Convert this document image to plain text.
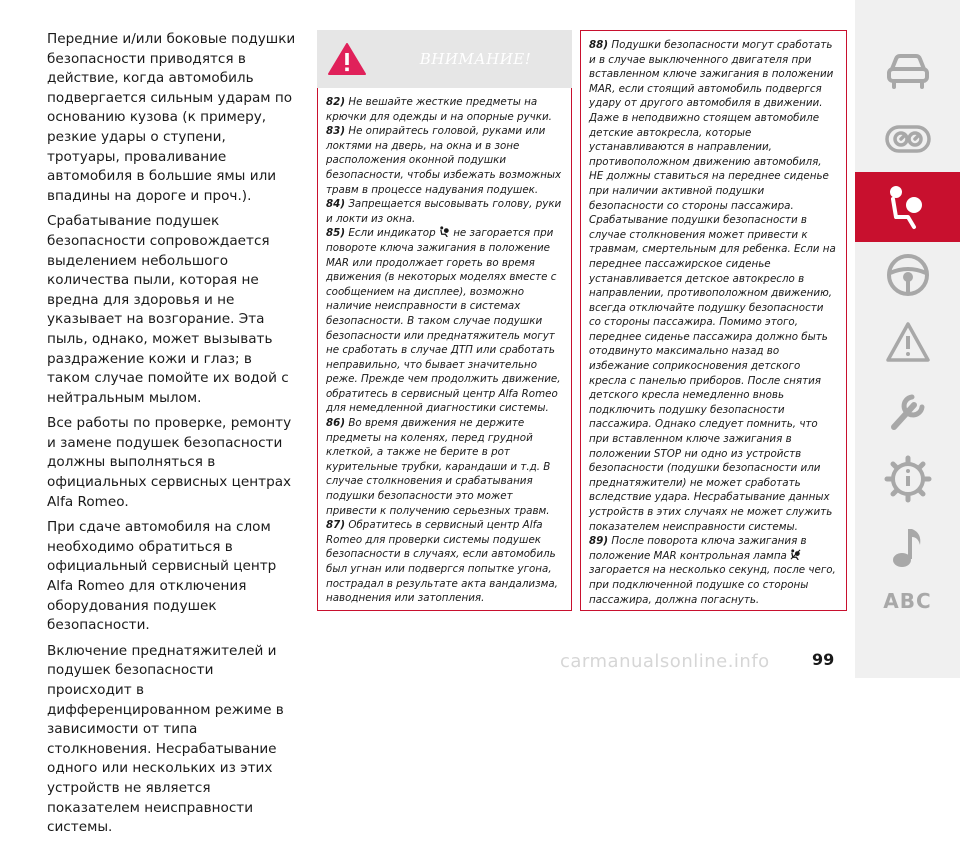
Передние и/или боковые подушки безопасности приводятся в действие, когда автомобиль подвергается сильным ударам по основанию кузова (к примеру, резкие удары о ступени, тротуары, проваливание автомобиля в большие ямы или впадины на дороге и проч.).

Срабатывание подушек безопасности сопровождается выделением небольшого количества пыли, которая не вредна для здоровья и не указывает на возгорание. Эта пыль, однако, может вызывать раздражение кожи и глаз; в таком случае помойте их водой с нейтральным мылом.

Все работы по проверке, ремонту и замене подушек безопасности должны выполняться в официальных сервисных центрах Alfa Romeo.

При сдаче автомобиля на слом необходимо обратиться в официальный сервисный центр Alfa Romeo для отключения оборудования подушек безопасности.

Включение преднатяжителей и подушек безопасности происходит в дифференцированном режиме в зависимости от типа столкновения. Несрабатывание одного или нескольких из этих устройств не является показателем неисправности системы.

ВНИМАНИЕ!

82) Не вешайте жесткие предметы на крючки для одежды и на опорные ручки.

83) Не опирайтесь головой, руками или локтями на дверь, на окна и в зоне расположения оконной подушки безопасности, чтобы избежать возможных травм в процессе надувания подушек.

84) Запрещается высовывать голову, руки и локти из окна.

85) Если индикатор не загорается при повороте ключа зажигания в положение MAR или продолжает гореть во время движения (в некоторых моделях вместе с сообщением на дисплее), возможно наличие неисправности в системах безопасности. В таком случае подушки безопасности или преднатяжитель могут не сработать в случае ДТП или сработать неправильно, что бывает значительно реже. Прежде чем продолжить движение, обратитесь в сервисный центр Alfa Romeo для немедленной диагностики системы.

86) Во время движения не держите предметы на коленях, перед грудной клеткой, а также не берите в рот курительные трубки, карандаши и т.д. В случае столкновения и срабатывания подушки безопасности это может привести к получению серьезных травм.

87) Обратитесь в сервисный центр Alfa Romeo для проверки системы подушек безопасности в случаях, если автомобиль был угнан или подвергся попытке угона, пострадал в результате акта вандализма, наводнения или затопления.

88) Подушки безопасности могут сработать и в случае выключенного двигателя при вставленном ключе зажигания в положении MAR, если стоящий автомобиль подвергся удару от другого автомобиля в движении. Даже в неподвижно стоящем автомобиле детские автокресла, которые устанавливаются в направлении, противоположном движению автомобиля, НЕ должны ставиться на переднее сиденье при наличии активной подушки безопасности со стороны пассажира. Срабатывание подушки безопасности в случае столкновения может привести к травмам, смертельным для ребенка. Если на переднее пассажирское сиденье устанавливается детское автокресло в направлении, противоположном движению, всегда отключайте подушку безопасности со стороны пассажира. Помимо этого, переднее сиденье пассажира должно быть отодвинуто максимально назад во избежание соприкосновения детского кресла с панелью приборов. После снятия детского кресла немедленно вновь подключить подушку безопасности пассажира. Однако следует помнить, что при вставленном ключе зажигания в положении STOP ни одно из устройств безопасности (подушки безопасности или преднатяжители) не может сработать вследствие удара. Несрабатывание данных устройств в этих случаях не может служить показателем неисправности системы.

89) После поворота ключа зажигания в положение MAR контрольная лампа  загорается на несколько секунд, после чего, при подключенной подушке со стороны пассажира, должна погаснуть.	ABC
carmanualsonline.info	99
